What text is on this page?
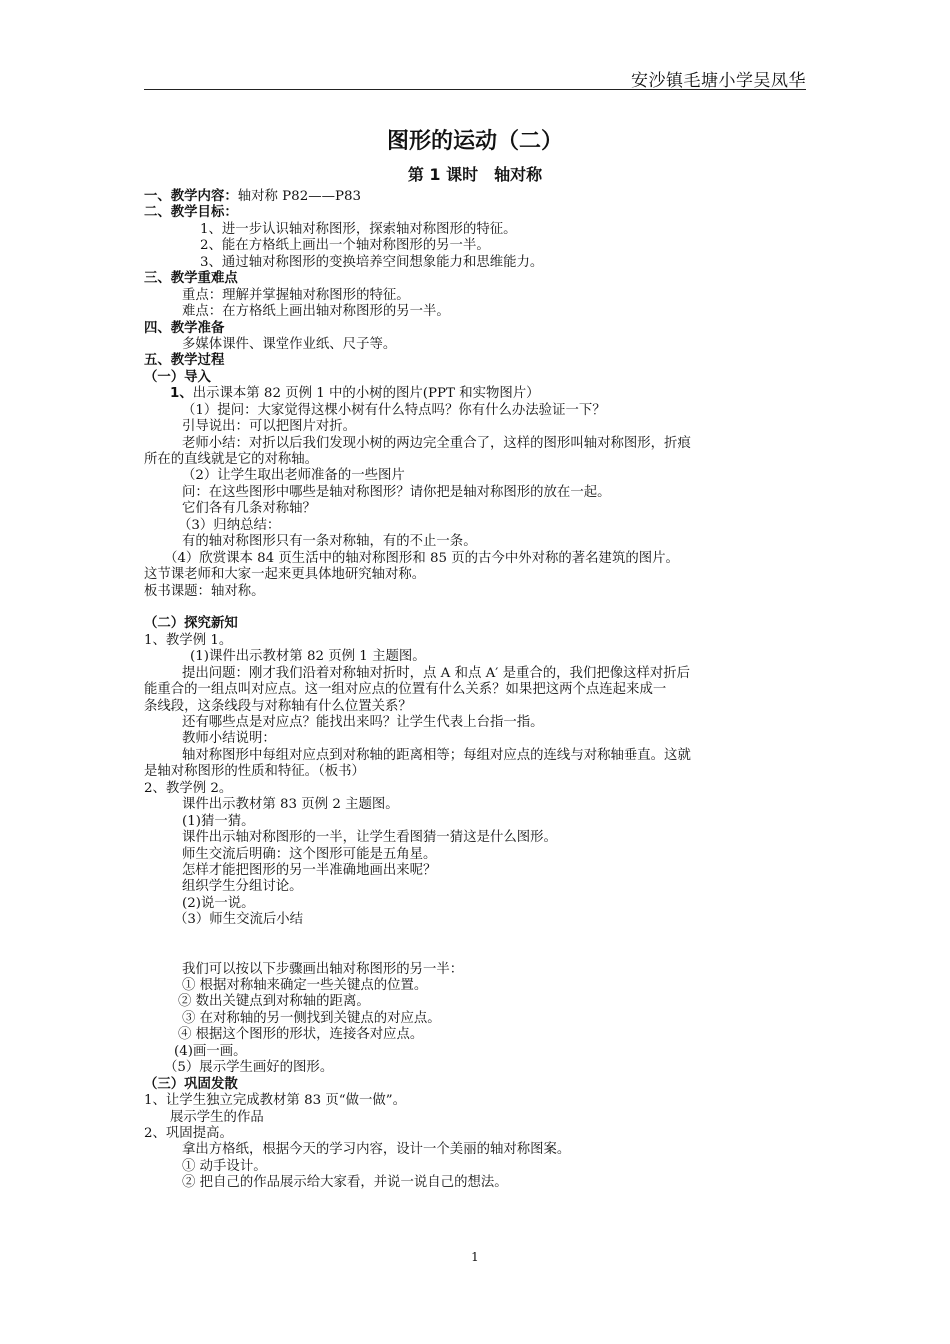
安沙镇毛塘小学吴凤华
图形的运动（二）
第 1 课时　轴对称
一、教学内容：轴对称 P82——P83
二、教学目标：
1、进一步认识轴对称图形，探索轴对称图形的特征。
2、能在方格纸上画出一个轴对称图形的另一半。
3、通过轴对称图形的变换培养空间想象能力和思维能力。
三、教学重难点
重点：理解并掌握轴对称图形的特征。
难点：在方格纸上画出轴对称图形的另一半。
四、教学准备
多媒体课件、课堂作业纸、尺子等。
五、教学过程
（一）导入
1、出示课本第 82 页例 1 中的小树的图片(PPT 和实物图片）
（1）提问：大家觉得这棵小树有什么特点吗？你有什么办法验证一下？
引导说出：可以把图片对折。
老师小结：对折以后我们发现小树的两边完全重合了，这样的图形叫轴对称图形，折痕
所在的直线就是它的对称轴。
（2）让学生取出老师准备的一些图片
问：在这些图形中哪些是轴对称图形？请你把是轴对称图形的放在一起。
它们各有几条对称轴？
（3）归纳总结：
有的轴对称图形只有一条对称轴，有的不止一条。
（4）欣赏课本 84 页生活中的轴对称图形和 85 页的古今中外对称的著名建筑的图片。
这节课老师和大家一起来更具体地研究轴对称。
板书课题：轴对称。
（二）探究新知
1、教学例 1。
(1)课件出示教材第 82 页例 1 主题图。
提出问题：刚才我们沿着对称轴对折时，点 A 和点 A′ 是重合的，我们把像这样对折后
能重合的一组点叫对应点。这一组对应点的位置有什么关系？如果把这两个点连起来成一
条线段，这条线段与对称轴有什么位置关系？
还有哪些点是对应点？能找出来吗？让学生代表上台指一指。
教师小结说明：
轴对称图形中每组对应点到对称轴的距离相等；每组对应点的连线与对称轴垂直。这就
是轴对称图形的性质和特征。（板书）
2、教学例 2。
课件出示教材第 83 页例 2 主题图。
(1)猜一猜。
课件出示轴对称图形的一半，让学生看图猜一猜这是什么图形。
师生交流后明确：这个图形可能是五角星。
怎样才能把图形的另一半准确地画出来呢？
组织学生分组讨论。
(2)说一说。
（3）师生交流后小结
我们可以按以下步骤画出轴对称图形的另一半：
① 根据对称轴来确定一些关键点的位置。
② 数出关键点到对称轴的距离。
③ 在对称轴的另一侧找到关键点的对应点。
④ 根据这个图形的形状，连接各对应点。
(4)画一画。
（5）展示学生画好的图形。
（三）巩固发散
1、让学生独立完成教材第 83 页“做一做”。
展示学生的作品
2、巩固提高。
拿出方格纸，根据今天的学习内容，设计一个美丽的轴对称图案。
① 动手设计。
② 把自己的作品展示给大家看，并说一说自己的想法。
1
